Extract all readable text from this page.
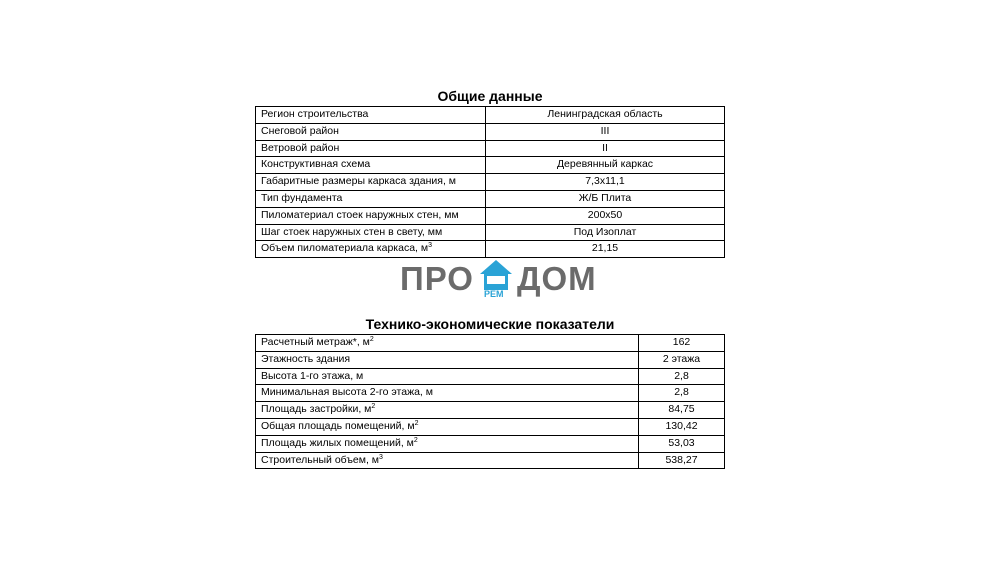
Общие данные
Регион строительства	Ленинградская область
Снеговой район	III
Ветровой район	II
Конструктивная схема	Деревянный каркас
Габаритные размеры каркаса здания, м	7,3х11,1
Тип фундамента	Ж/Б Плита
Пиломатериал стоек наружных стен, мм	200х50
Шаг стоек наружных стен в свету, мм	Под Изоплат
Объем пиломатериала каркаса, $м^3$	21,15
ПРО РЕМ ДОМ
Технико-экономические показатели
Расчетный метраж*, $м^2$	162
Этажность здания	2 этажа
Высота 1-го этажа, м	2,8
Минимальная высота 2-го этажа, м	2,8
Площадь застройки, $м^2$	84,75
Общая площадь помещений, $м^2$	130,42
Площадь жилых помещений, $м^2$	53,03
Строительный объем, $м^3$	538,27
